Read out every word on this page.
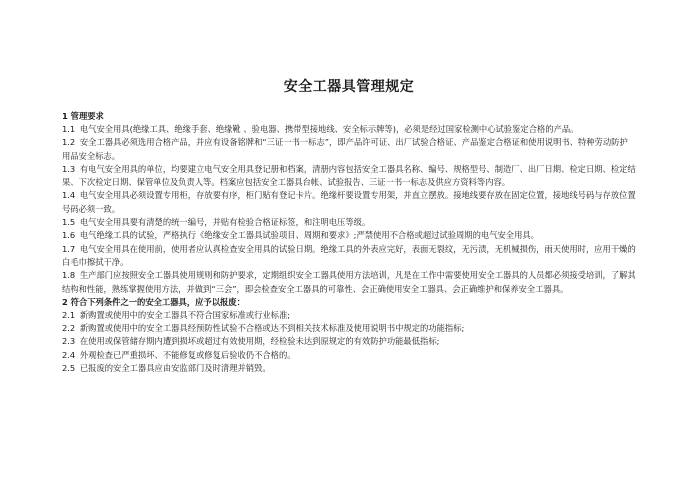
安全工器具管理规定
1 管理要求

1.1 电气安全用具(绝缘工具、绝缘手套、绝缘靴 、验电器、携带型接地线、安全标示牌等)，必须是经过国家检测中心试验鉴定合格的产品。

1.2 安全工器具必须选用合格产品，并应有设备铭牌和“三证一书一标志”，即产品许可证、出厂试验合格证、产品鉴定合格证和使用说明书、特种劳动防护用品安全标志。

1.3 有电气安全用具的单位，均要建立电气安全用具登记册和档案，清册内容包括安全工器具名称、编号、规格型号、制造厂、出厂日期、检定日期、检定结果、下次检定日期、保管单位及负责人等。档案应包括安全工器具台帐、试验报告、三证一书一标志及供应方资料等内容。

1.4 电气安全用具必须设置专用柜，存放要有序，柜门贴有登记卡片。绝缘杆要设置专用架，并直立摆放。接地线要存放在固定位置，接地线号码与存放位置号码必须一致。

1.5 电气安全用具要有清楚的统一编号，并贴有检验合格证标签，和注明电压等级。

1.6 电气绝缘工具的试验，严格执行《绝缘安全工器具试验项目、周期和要求》;严禁使用不合格或超过试验周期的电气安全用具。

1.7 电气安全用具在使用前，使用者应认真检查安全用具的试验日期。绝缘工具的外表应完好，表面无裂纹，无污渍，无机械损伤，雨天使用时，应用干燥的白毛巾擦拭干净。

1.8 生产部门应按照安全工器具使用规则和防护要求，定期组织安全工器具使用方法培训，凡是在工作中需要使用安全工器具的人员都必须接受培训，了解其结构和性能，熟练掌握使用方法，并做到“三会”，即会检查安全工器具的可靠性、会正确使用安全工器具、会正确维护和保养安全工器具。

2 符合下列条件之一的安全工器具，应予以报废：

2.1 新购置或使用中的安全工器具不符合国家标准或行业标准;

2.2 新购置或使用中的安全工器具经预防性试验不合格或达不到相关技术标准及使用说明书中规定的功能指标;

2.3 在使用或保管储存期内遭到损坏或超过有效使用期，经检验未达到原规定的有效防护功能最低指标;

2.4 外观检查已严重损坏、不能修复或修复后验收仍不合格的。

2.5 已报废的安全工器具应由安监部门及时清理并销毁。
